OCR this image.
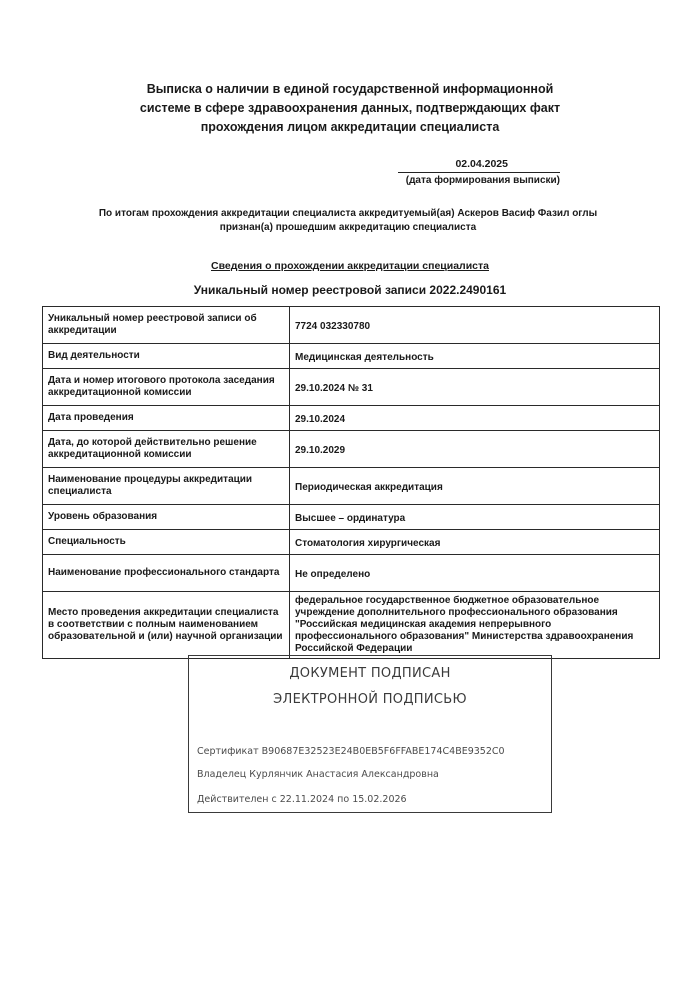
Выписка о наличии в единой государственной информационной
системе в сфере здравоохранения данных, подтверждающих факт
прохождения лицом аккредитации специалиста
02.04.2025
(дата формирования выписки)
По итогам прохождения аккредитации специалиста аккредитуемый(ая) Аскеров Васиф Фазил оглы
признан(а) прошедшим аккредитацию специалиста
Сведения о прохождении аккредитации специалиста
Уникальный номер реестровой записи 2022.2490161
Уникальный номер реестровой записи об аккредитации	7724 032330780
Вид деятельности	Медицинская деятельность
Дата и номер итогового протокола заседания аккредитационной комиссии	29.10.2024 № 31
Дата проведения	29.10.2024
Дата, до которой действительно решение аккредитационной комиссии	29.10.2029
Наименование процедуры аккредитации специалиста	Периодическая аккредитация
Уровень образования	Высшее – ординатура
Специальность	Стоматология хирургическая
Наименование профессионального стандарта	Не определено
Место проведения аккредитации специалиста в соответствии с полным наименованием образовательной и (или) научной организации	федеральное государственное бюджетное образовательное учреждение дополнительного профессионального образования "Российская медицинская академия непрерывного профессионального образования" Министерства здравоохранения Российской Федерации
ДОКУМЕНТ ПОДПИСАН
ЭЛЕКТРОННОЙ ПОДПИСЬЮ
Сертификат B90687E32523E24B0EB5F6FFABE174C4BE9352C0
Владелец Курлянчик Анастасия Александровна
Действителен с 22.11.2024 по 15.02.2026
